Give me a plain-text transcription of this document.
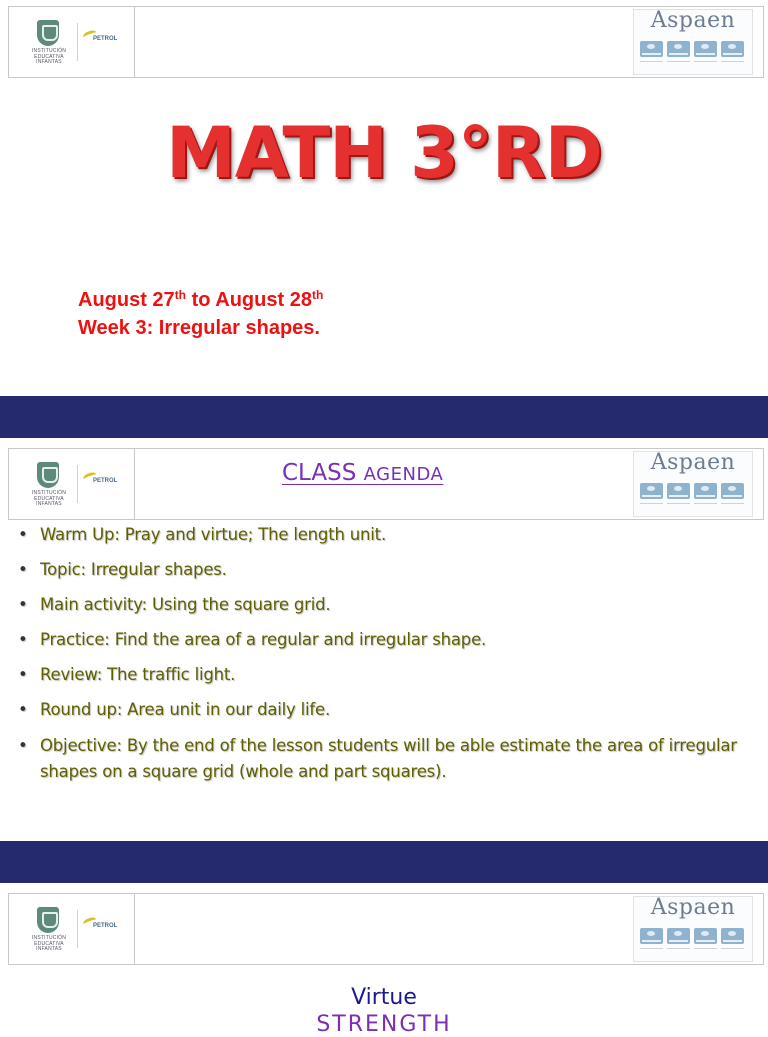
INSTITUCIÓN EDUCATIVA INFANTAS
PETROL
Aspaen
·
MATH 3°RD
August 27th to August 28th
Week 3: Irregular shapes.
INSTITUCIÓN EDUCATIVA INFANTAS
PETROL
Aspaen
CLASS AGENDA
• Warm Up: Pray and virtue; The length unit.
• Topic: Irregular shapes.
• Main activity: Using the square grid.
• Practice: Find the area of a regular and irregular shape.
• Review: The traffic light.
• Round up: Area unit in our daily life.
• Objective: By the end of the lesson students will be able estimate the area of irregular shapes on a square grid (whole and part squares).
INSTITUCIÓN EDUCATIVA INFANTAS
PETROL
Aspaen
Virtue
STRENGTH
